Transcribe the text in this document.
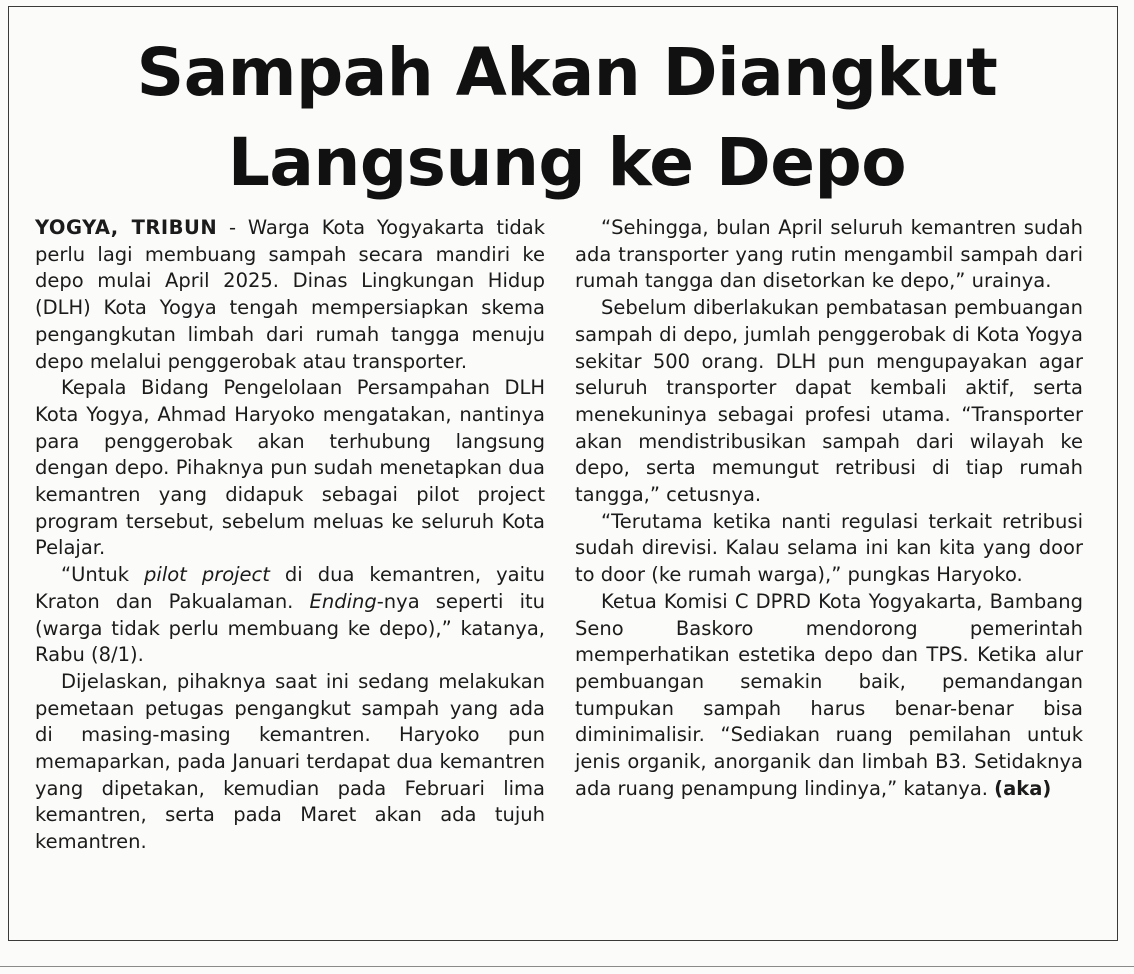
Sampah Akan Diangkut
Langsung ke Depo

YOGYA, TRIBUN - Warga Kota Yogyakarta tidak perlu lagi membuang sampah secara mandiri ke depo mulai April 2025. Dinas Lingkungan Hidup (DLH) Kota Yogya tengah mempersiapkan skema pengangkutan limbah dari rumah tangga menuju depo melalui penggerobak atau transporter.

Kepala Bidang Pengelolaan Persampahan DLH Kota Yogya, Ahmad Haryoko mengatakan, nantinya para penggerobak akan terhubung langsung dengan depo. Pihaknya pun sudah menetapkan dua kemantren yang didapuk sebagai pilot project program tersebut, sebelum meluas ke seluruh Kota Pelajar.

“Untuk pilot project di dua kemantren, yaitu Kraton dan Pakualaman. Ending-nya seperti itu (warga tidak perlu membuang ke depo),” katanya, Rabu (8/1).

Dijelaskan, pihaknya saat ini sedang melakukan pemetaan petugas pengangkut sampah yang ada di masing-masing kemantren. Haryoko pun memaparkan, pada Januari terdapat dua kemantren yang dipetakan, kemudian pada Februari lima kemantren, serta pada Maret akan ada tujuh kemantren.

“Sehingga, bulan April seluruh kemantren sudah ada transporter yang rutin mengambil sampah dari rumah tangga dan disetorkan ke depo,” urainya.

Sebelum diberlakukan pembatasan pembuangan sampah di depo, jumlah penggerobak di Kota Yogya sekitar 500 orang. DLH pun mengupayakan agar seluruh transporter dapat kembali aktif, serta menekuninya sebagai profesi utama. “Transporter akan mendistribusikan sampah dari wilayah ke depo, serta memungut retribusi di tiap rumah tangga,” cetusnya.

“Terutama ketika nanti regulasi terkait retribusi sudah direvisi. Kalau selama ini kan kita yang door to door (ke rumah warga),” pungkas Haryoko.

Ketua Komisi C DPRD Kota Yogyakarta, Bambang Seno Baskoro mendorong pemerintah memperhatikan estetika depo dan TPS. Ketika alur pembuangan semakin baik, pemandangan tumpukan sampah harus benar-benar bisa diminimalisir. “Sediakan ruang pemilahan untuk jenis organik, anorganik dan limbah B3. Setidaknya ada ruang penampung lindinya,” katanya. (aka)
